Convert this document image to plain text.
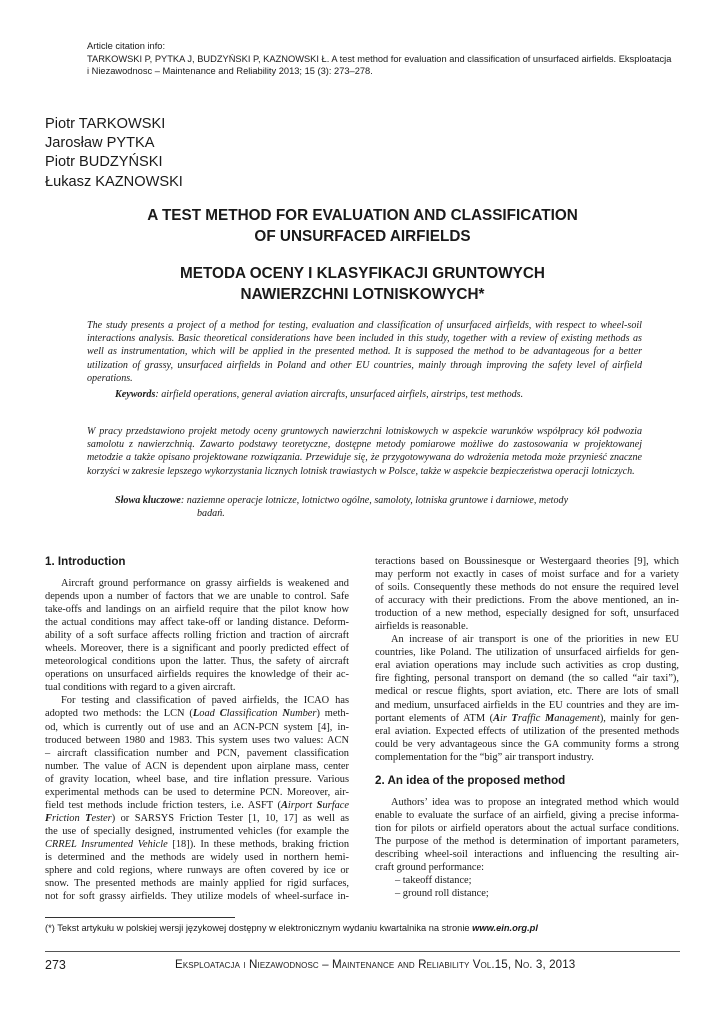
Article citation info:
TARKOWSKI P, PYTKA J, BUDZYŃSKI P, KAZNOWSKI Ł. A test method for evaluation and classification of unsurfaced airfields. Eksploatacja
i Niezawodnosc – Maintenance and Reliability 2013; 15 (3): 273–278.
Piotr TARKOWSKI
Jarosław PYTKA
Piotr BUDZYŃSKI
Łukasz KAZNOWSKI
A TEST METHOD FOR EVALUATION AND CLASSIFICATION
OF UNSURFACED AIRFIELDS
METODA OCENY I KLASYFIKACJI GRUNTOWYCH
NAWIERZCHNI LOTNISKOWYCH*
The study presents a project of a method for testing, evaluation and classification of unsurfaced airfields, with respect to wheel-soil interactions analysis. Basic theoretical considerations have been included in this study, together with a review of existing methods as well as instrumentation, which will be applied in the presented method. It is supposed the method to be advantageous for a better utilization of grassy, unsurfaced airfields in Poland and other EU countries, mainly through improving the safety level of airfield operations.
Keywords: airfield operations, general aviation aircrafts, unsurfaced airfiels, airstrips, test methods.
W pracy przedstawiono projekt metody oceny gruntowych nawierzchni lotniskowych w aspekcie warunków współpracy kół podwozia samolotu z nawierzchnią. Zawarto podstawy teoretyczne, dostępne metody pomiarowe możliwe do zastosowania w projektowanej metodzie a także opisano projektowane rozwiązania. Przewiduje się, że przygotowywana do wdrożenia metoda może przynieść znaczne korzyści w zakresie lepszego wykorzystania licznych lotnisk trawiastych w Polsce, także w aspekcie bezpieczeństwa operacji lotniczych.
Słowa kluczowe: naziemne operacje lotnicze, lotnictwo ogólne, samoloty, lotniska gruntowe i darniowe, metody
badań.
1. Introduction

Aircraft ground performance on grassy airfields is weakened and
depends upon a number of factors that we are unable to control. Safe
take-offs and landings on an airfield require that the pilot know how
the actual conditions may affect take-off or landing distance. Deform-
ability of a soft surface affects rolling friction and traction of aircraft
wheels. Moreover, there is a significant and poorly predicted effect of
meteorological conditions upon the latter. Thus, the safety of aircraft
operations on unsurfaced airfields requires the knowledge of their ac-
tual conditions with regard to a given aircraft.

For testing and classification of paved airfields, the ICAO has
adopted two methods: the LCN (Load Classification Number) meth-
od, which is currently out of use and an ACN-PCN system [4], in-
troduced between 1980 and 1983. This system uses two values: ACN
– aircraft classification number and PCN, pavement classification
number. The value of ACN is dependent upon airplane mass, center
of gravity location, wheel base, and tire inflation pressure. Various
experimental methods can be used to determine PCN. Moreover, air-
field test methods include friction testers, i.e. ASFT (Airport Surface
Friction Tester) or SARSYS Friction Tester [1, 10, 17] as well as
the use of specially designed, instrumented vehicles (for example the
CRREL Insrumented Vehicle [18]). In these methods, braking friction
is determined and the methods are widely used in northern hemi-
sphere and cold regions, where runways are often covered by ice or
snow. The presented methods are mainly applied for rigid surfaces,
not for soft grassy airfields. They utilize models of wheel-surface in-

teractions based on Boussinesque or Westergaard theories [9], which
may perform not exactly in cases of moist surface and for a variety
of soils. Consequently these methods do not ensure the required level
of accuracy with their predictions. From the above mentioned, an in-
troduction of a new method, especially designed for soft, unsurfaced
airfields is reasonable.

An increase of air transport is one of the priorities in new EU
countries, like Poland. The utilization of unsurfaced airfields for gen-
eral aviation operations may include such activities as crop dusting,
fire fighting, personal transport on demand (the so called “air taxi”),
medical or rescue flights, sport aviation, etc. There are lots of small
and medium, unsurfaced airfields in the EU countries and they are im-
portant elements of ATM (Air Traffic Management), mainly for gen-
eral aviation. Expected effects of utilization of the presented methods
could be very advantageous since the GA community forms a strong
complementation for the “big” air transport industry.

2. An idea of the proposed method

Authors’ idea was to propose an integrated method which would
enable to evaluate the surface of an airfield, giving a precise informa-
tion for pilots or airfield operators about the actual surface conditions.
The purpose of the method is determination of important parameters,
describing wheel-soil interactions and influencing the resulting air-
craft ground performance:

– takeoff distance;
– ground roll distance;
(*) Tekst artykułu w polskiej wersji językowej dostępny w elektronicznym wydaniu kwartalnika na stronie www.ein.org.pl
273	Eksploatacja i Niezawodnosc – Maintenance and Reliability Vol.15, No. 3, 2013
